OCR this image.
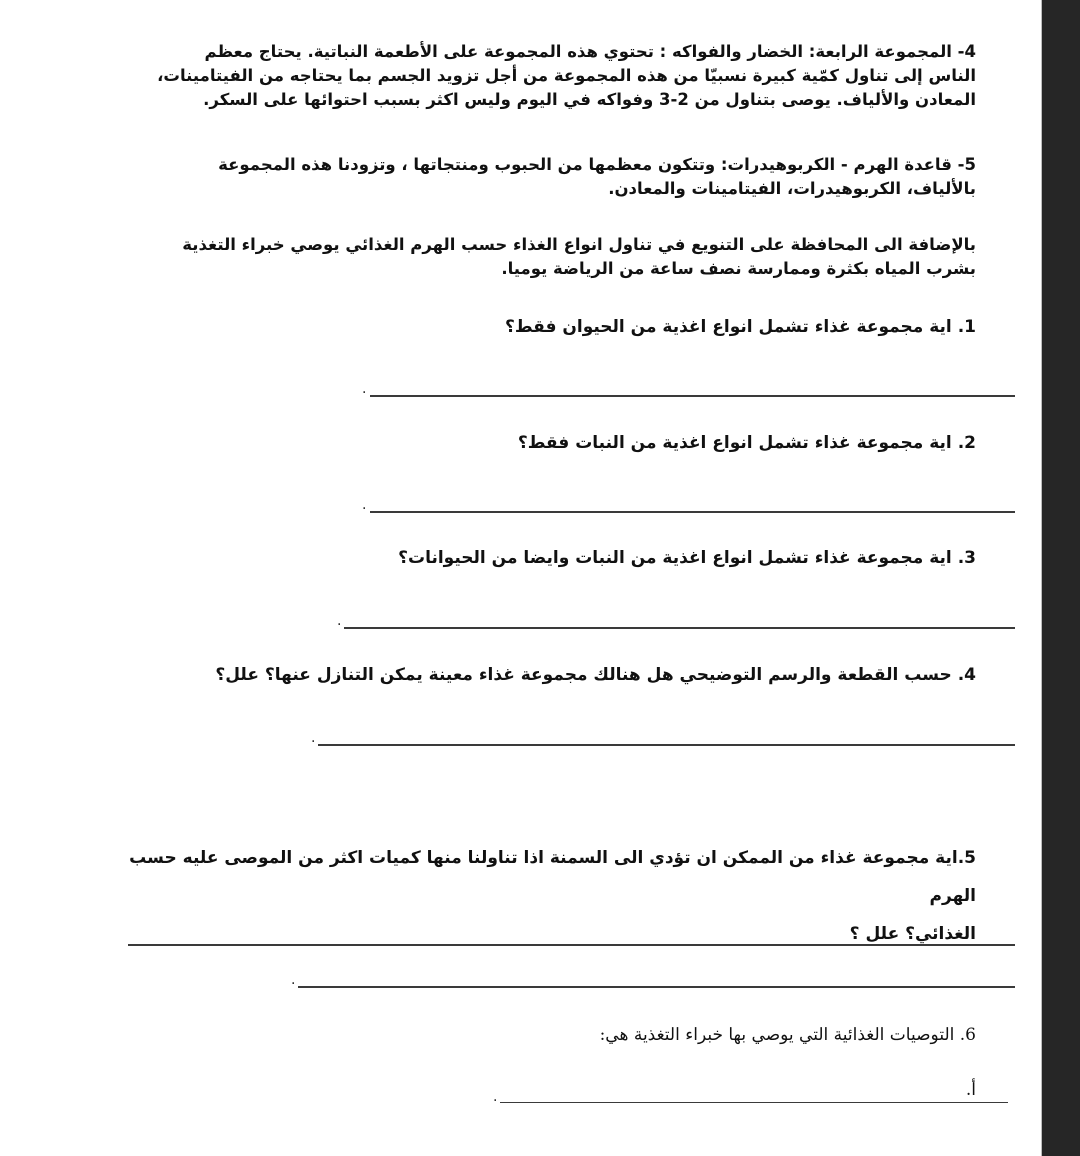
4- المجموعة الرابعة: الخضار والفواكه : تحتوي هذه المجموعة على الأطعمة النباتية. يحتاج معظم
الناس إلى تناول كمّية كبيرة نسبيّا من هذه المجموعة من أجل تزويد الجسم بما يحتاجه من الفيتامينات،
المعادن والألياف. يوصى بتناول من 2-3 وفواكه في اليوم وليس اكثر بسبب احتوائها على السكر.
5- قاعدة الهرم - الكربوهيدرات: وتتكون معظمها من الحبوب ومنتجاتها ، وتزودنا هذه المجموعة
بالألياف، الكربوهيدرات، الفيتامينات والمعادن.
بالإضافة الى المحافظة على التنويع في تناول انواع الغذاء حسب الهرم الغذائي يوصي خبراء التغذية
بشرب المياه بكثرة وممارسة نصف ساعة من الرياضة يوميا.
1. اية مجموعة غذاء تشمل انواع اغذية من الحيوان فقط؟
.
2. اية مجموعة غذاء تشمل انواع اغذية من النبات فقط؟
.
3. اية مجموعة غذاء تشمل انواع اغذية من النبات وايضا من الحيوانات؟
.
4. حسب القطعة والرسم التوضيحي هل هنالك مجموعة غذاء معينة يمكن التنازل عنها؟ علل؟
.
5.اية مجموعة غذاء من الممكن ان تؤدي الى السمنة اذا تناولنا منها كميات اكثر من الموصى عليه حسب الهرم
الغذائي؟ علل ؟
.
6. التوصيات الغذائية التي يوصي بها خبراء التغذية هي:
أ.
.
